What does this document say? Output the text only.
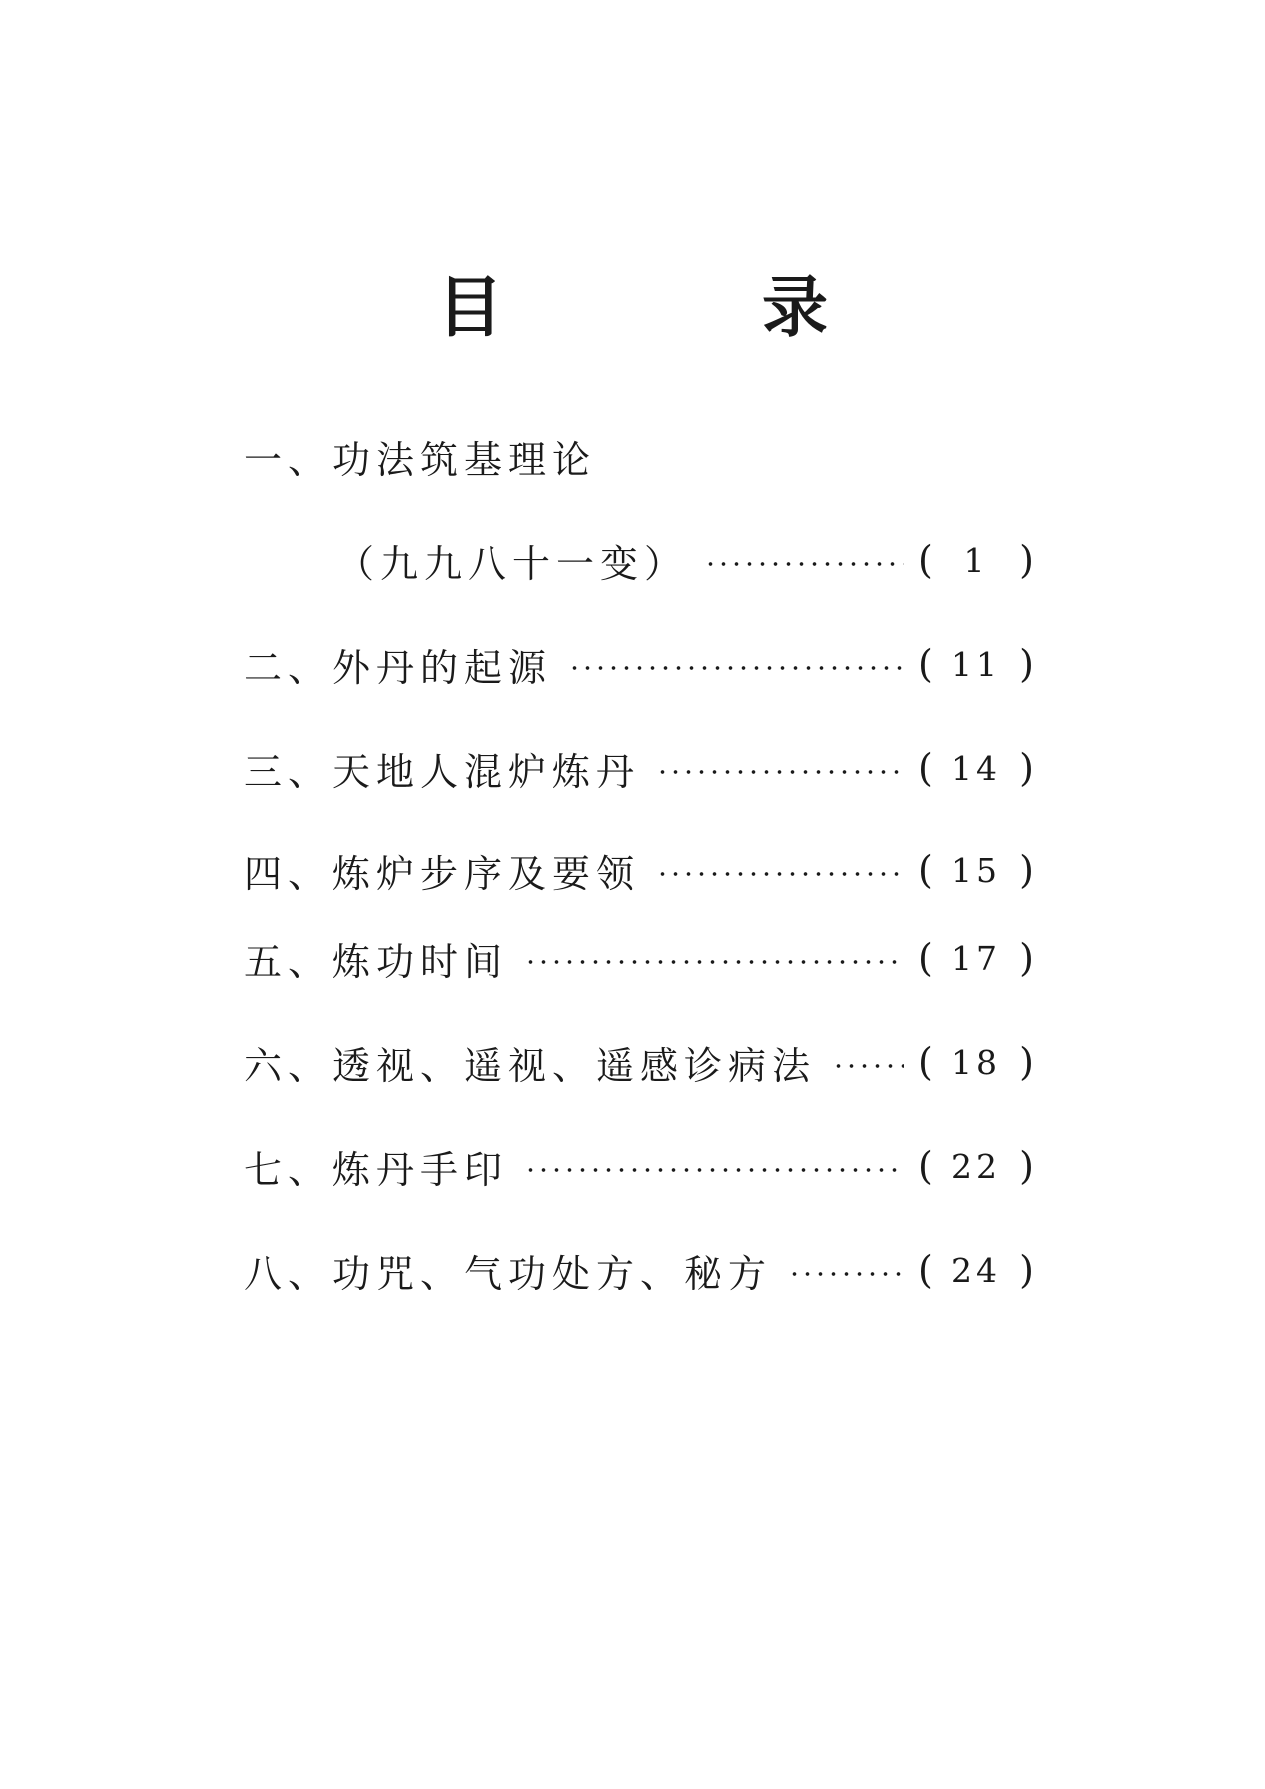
目 录
一、功法筑基理论
（九九八十一变）	( 1 )
二、外丹的起源	( 11 )
三、天地人混炉炼丹	( 14 )
四、炼炉步序及要领	( 15 )
五、炼功时间	( 17 )
六、透视、遥视、遥感诊病法	( 18 )
七、炼丹手印	( 22 )
八、功咒、气功处方、秘方	( 24 )
